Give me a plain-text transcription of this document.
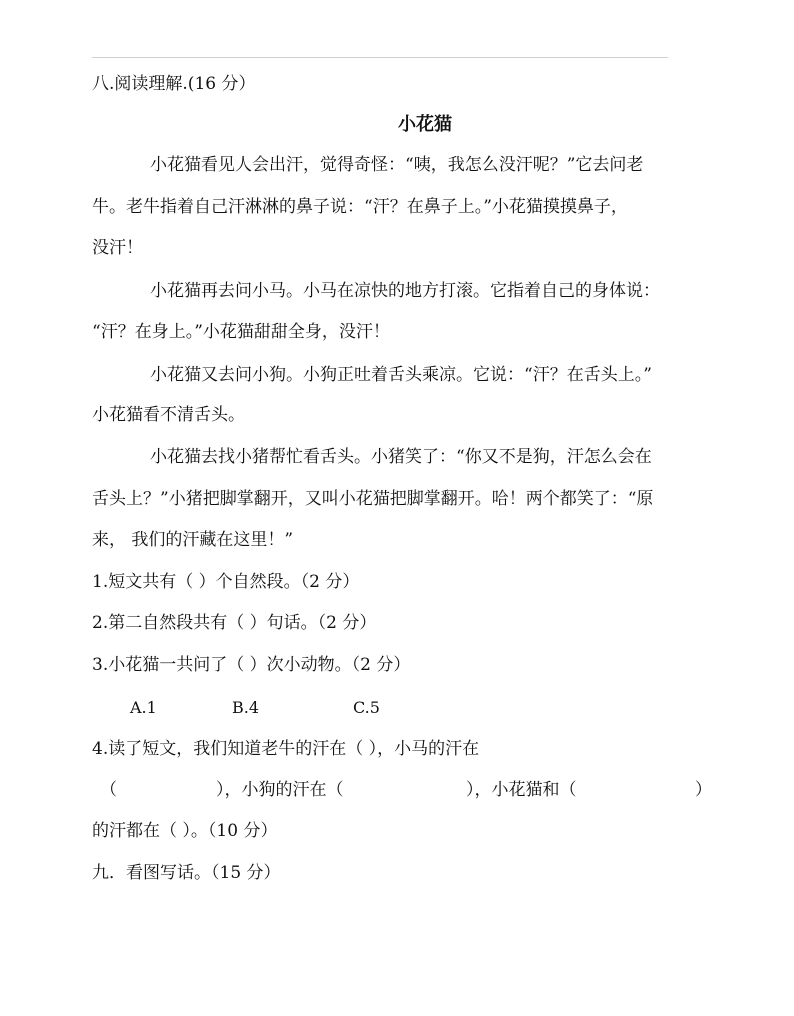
八.阅读理解.(16 分）
小花猫
小花猫看见人会出汗，觉得奇怪：“咦，我怎么没汗呢？”它去问老
牛。老牛指着自己汗淋淋的鼻子说：“汗？在鼻子上。”小花猫摸摸鼻子，
没汗！
小花猫再去问小马。小马在凉快的地方打滚。它指着自己的身体说：
“汗？在身上。”小花猫甜甜全身，没汗！
小花猫又去问小狗。小狗正吐着舌头乘凉。它说：“汗？在舌头上。”
小花猫看不清舌头。
小花猫去找小猪帮忙看舌头。小猪笑了：“你又不是狗，汗怎么会在
舌头上？”小猪把脚掌翻开，又叫小花猫把脚掌翻开。哈！两个都笑了：“原
来， 我们的汗藏在这里！”
1.短文共有（ ）个自然段。（2 分）
2.第二自然段共有（ ）句话。（2 分）
3.小花猫一共问了（ ）次小动物。（2 分）
A.1	B.4	C.5
4.读了短文，我们知道老牛的汗在（ ），小马的汗在
（	），小狗的汗在（	），小花猫和（	）
的汗都在（ ）。（10 分）
九．看图写话。（15 分）
